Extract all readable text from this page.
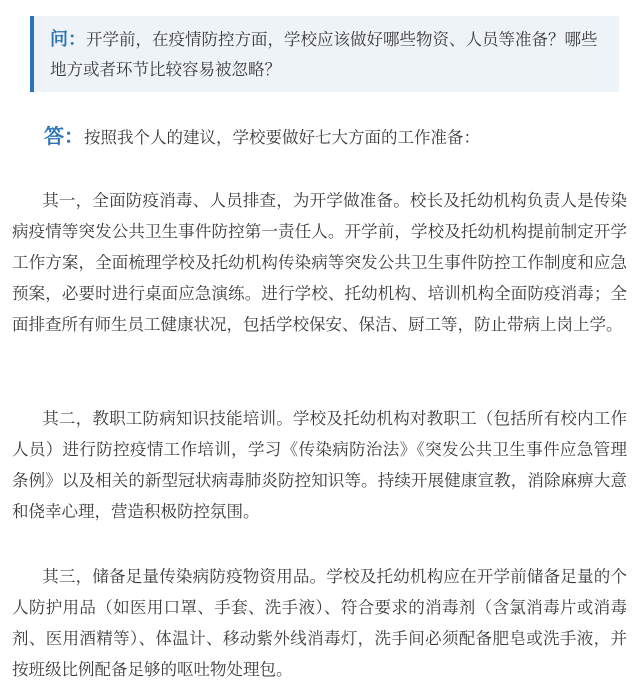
问：开学前，在疫情防控方面，学校应该做好哪些物资、人员等准备？哪些地方或者环节比较容易被忽略？

答：按照我个人的建议，学校要做好七大方面的工作准备：

其一，全面防疫消毒、人员排查，为开学做准备。校长及托幼机构负责人是传染病疫情等突发公共卫生事件防控第一责任人。开学前，学校及托幼机构提前制定开学工作方案，全面梳理学校及托幼机构传染病等突发公共卫生事件防控工作制度和应急预案，必要时进行桌面应急演练。进行学校、托幼机构、培训机构全面防疫消毒；全面排查所有师生员工健康状况，包括学校保安、保洁、厨工等，防止带病上岗上学。

其二，教职工防病知识技能培训。学校及托幼机构对教职工（包括所有校内工作人员）进行防控疫情工作培训，学习《传染病防治法》《突发公共卫生事件应急管理条例》以及相关的新型冠状病毒肺炎防控知识等。持续开展健康宣教，消除麻痹大意和侥幸心理，营造积极防控氛围。

其三，储备足量传染病防疫物资用品。学校及托幼机构应在开学前储备足量的个人防护用品（如医用口罩、手套、洗手液）、符合要求的消毒剂（含氯消毒片或消毒剂、医用酒精等）、体温计、移动紫外线消毒灯，洗手间必须配备肥皂或洗手液，并按班级比例配备足够的呕吐物处理包。
